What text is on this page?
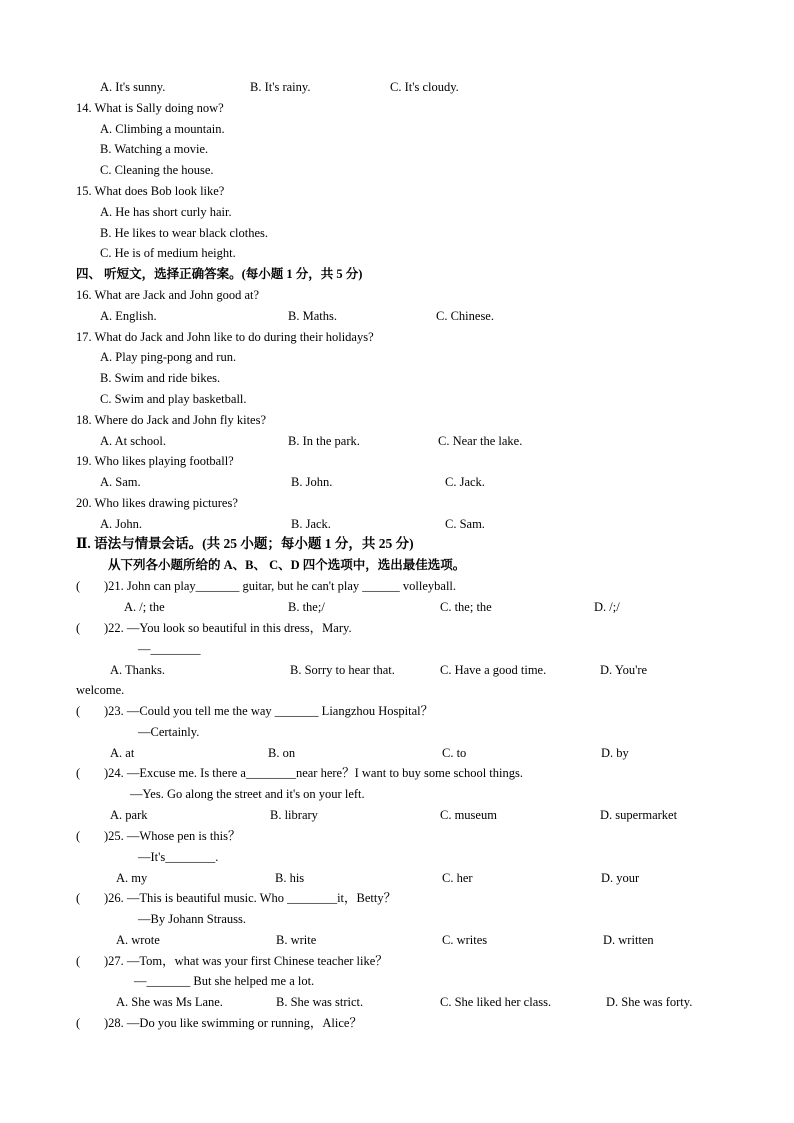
A. It's sunny.	B. It's rainy.	C. It's cloudy.
14. What is Sally doing now?
A. Climbing a mountain.
B. Watching a movie.
C. Cleaning the house.
15. What does Bob look like?
A. He has short curly hair.
B. He likes to wear black clothes.
C. He is of medium height.
四、 听短文，选择正确答案。(每小题 1 分，共 5 分)
16. What are Jack and John good at?
A. English.	B. Maths.	C. Chinese.
17. What do Jack and John like to do during their holidays?
A. Play ping-pong and run.
B. Swim and ride bikes.
C. Swim and play basketball.
18. Where do Jack and John fly kites?
A. At school.	B. In the park.	C. Near the lake.
19. Who likes playing football?
A. Sam.	B. John.	C. Jack.
20. Who likes drawing pictures?
A. John.	B. Jack.	C. Sam.
Ⅱ. 语法与情景会话。(共 25 小题；每小题 1 分，共 25 分)
从下列各小题所给的 A、B、 C、D 四个选项中，选出最佳选项。
( )21. John can play_______ guitar, but he can't play ______ volleyball.
A. /; the	B. the;/	C. the; the	D. /;/
( )22. —You look so beautiful in this dress，Mary.
—________
A. Thanks.	B. Sorry to hear that.	C. Have a good time.	D. You're
welcome.
( )23. —Could you tell me the way _______ Liangzhou Hospital？
—Certainly.
A. at	B. on	C. to	D. by
( )24. —Excuse me. Is there a________near here？I want to buy some school things.
—Yes. Go along the street and it's on your left.
A. park	B. library	C. museum	D. supermarket
( )25. —Whose pen is this？
—It's________.
A. my	B. his	C. her	D. your
( )26. —This is beautiful music. Who ________it，Betty？
—By Johann Strauss.
A. wrote	B. write	C. writes	D. written
( )27. —Tom，what was your first Chinese teacher like？
—_______ But she helped me a lot.
A. She was Ms Lane.	B. She was strict.	C. She liked her class.	D. She was forty.
( )28. —Do you like swimming or running，Alice？
